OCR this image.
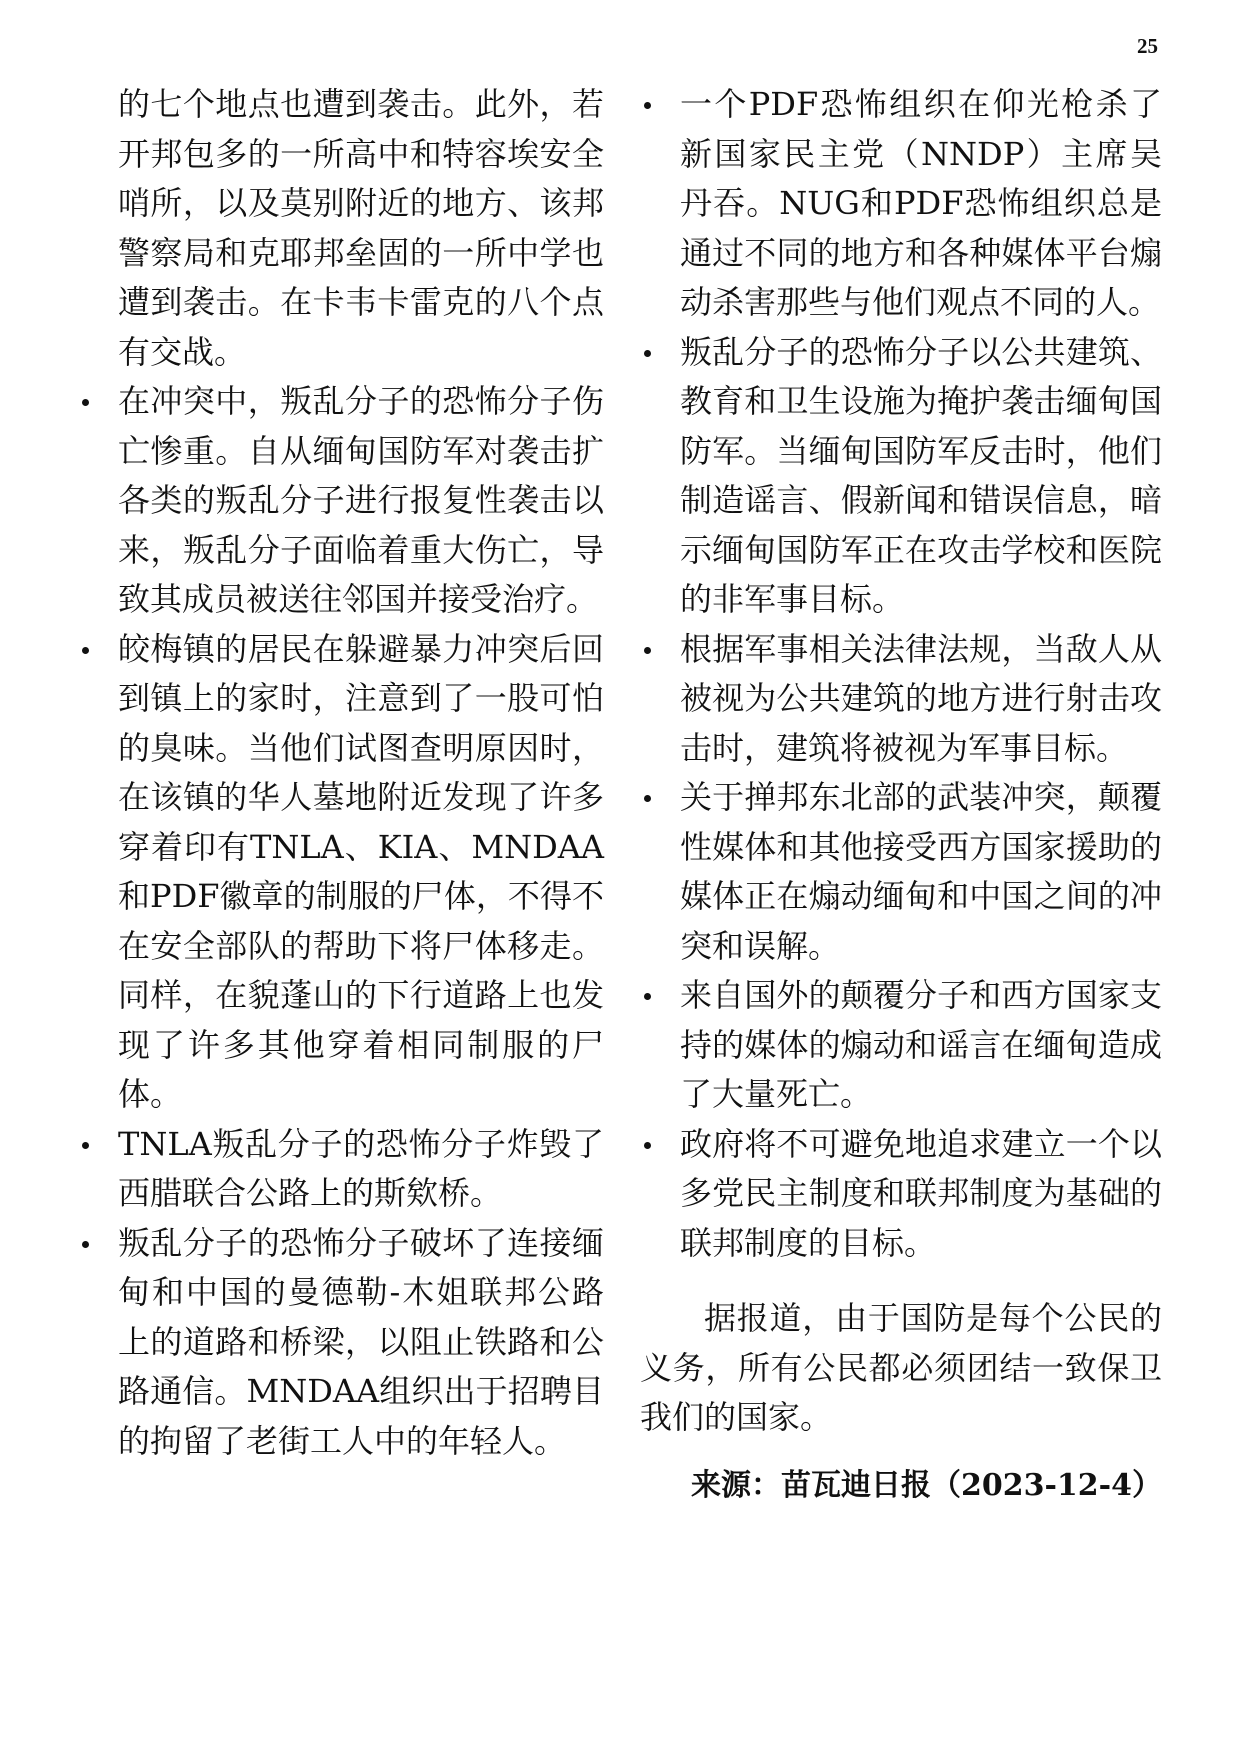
25

的七个地点也遭到袭击。此外，若开邦包多的一所高中和特容埃安全哨所，以及莫别附近的地方、该邦警察局和克耶邦垒固的一所中学也遭到袭击。在卡韦卡雷克的八个点有交战。

在冲突中，叛乱分子的恐怖分子伤亡惨重。自从缅甸国防军对袭击扩各类的叛乱分子进行报复性袭击以来，叛乱分子面临着重大伤亡，导致其成员被送往邻国并接受治疗。
皎梅镇的居民在躲避暴力冲突后回到镇上的家时，注意到了一股可怕的臭味。当他们试图查明原因时，在该镇的华人墓地附近发现了许多穿着印有TNLA、KIA、MNDAA和PDF徽章的制服的尸体，不得不在安全部队的帮助下将尸体移走。同样，在貌蓬山的下行道路上也发现了许多其他穿着相同制服的尸体。
TNLA叛乱分子的恐怖分子炸毁了西腊联合公路上的斯欸桥。
叛乱分子的恐怖分子破坏了连接缅甸和中国的曼德勒-木姐联邦公路上的道路和桥梁，以阻止铁路和公路通信。MNDAA组织出于招聘目的拘留了老街工人中的年轻人。
一个PDF恐怖组织在仰光枪杀了新国家民主党（NNDP）主席吴丹吞。NUG和PDF恐怖组织总是通过不同的地方和各种媒体平台煽动杀害那些与他们观点不同的人。
叛乱分子的恐怖分子以公共建筑、教育和卫生设施为掩护袭击缅甸国防军。当缅甸国防军反击时，他们制造谣言、假新闻和错误信息，暗示缅甸国防军正在攻击学校和医院的非军事目标。
根据军事相关法律法规，当敌人从被视为公共建筑的地方进行射击攻击时，建筑将被视为军事目标。
关于掸邦东北部的武装冲突，颠覆性媒体和其他接受西方国家援助的媒体正在煽动缅甸和中国之间的冲突和误解。
来自国外的颠覆分子和西方国家支持的媒体的煽动和谣言在缅甸造成了大量死亡。
政府将不可避免地追求建立一个以多党民主制度和联邦制度为基础的联邦制度的目标。

据报道，由于国防是每个公民的义务，所有公民都必须团结一致保卫我们的国家。

来源：苗瓦迪日报（2023-12-4）
